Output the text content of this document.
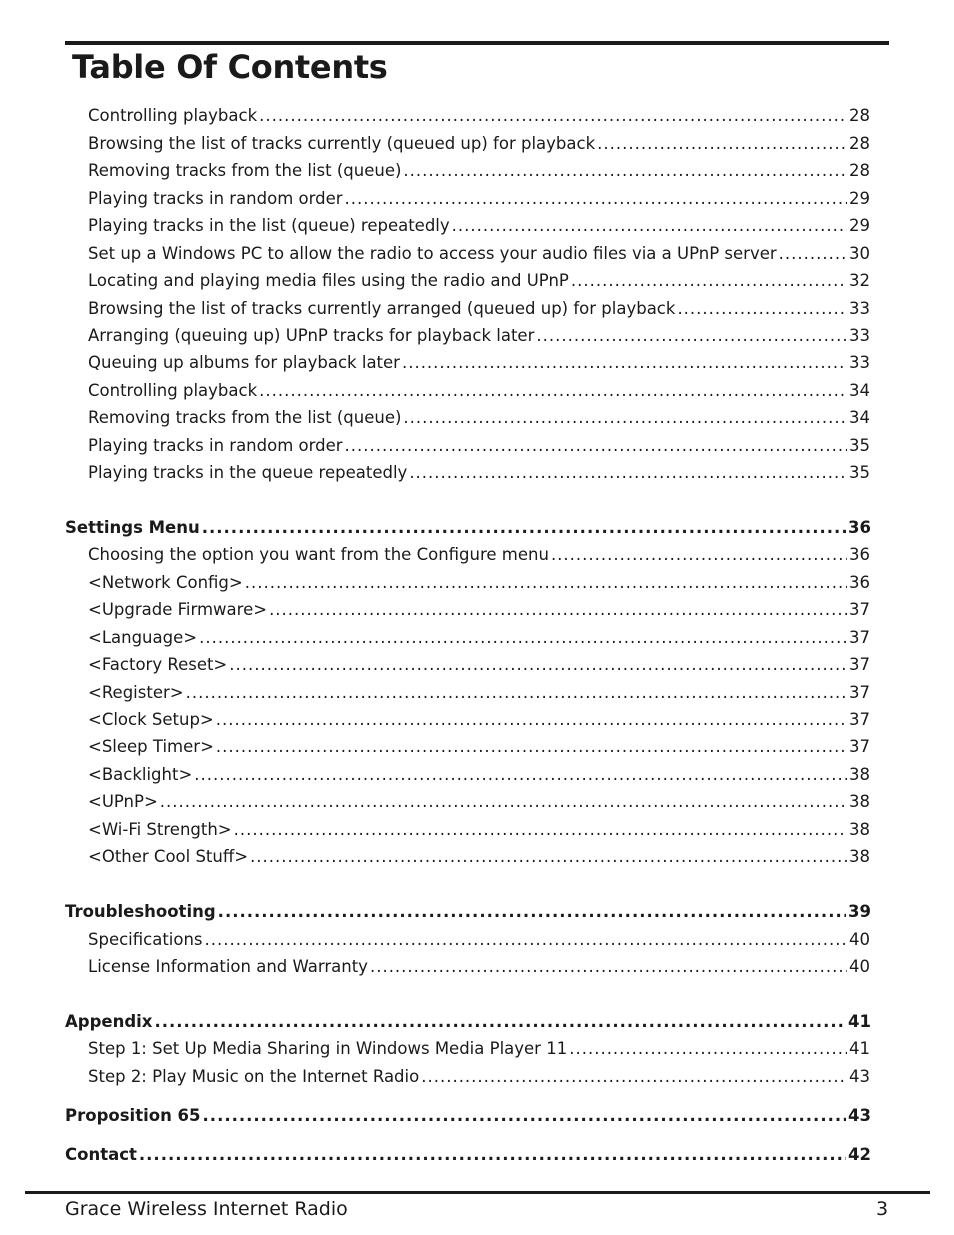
Table Of Contents
Controlling playback .....	28
Browsing the list of tracks currently (queued up) for playback .....	28
Removing tracks from the list (queue) .....	28
Playing tracks in random order .....	29
Playing tracks in the list (queue) repeatedly .....	29
Set up a Windows PC to allow the radio to access your audio files via a UPnP server .....	30
Locating and playing media files using the radio and UPnP .....	32
Browsing the list of tracks currently arranged (queued up) for playback .....	33
Arranging (queuing up) UPnP tracks for playback later .....	33
Queuing up albums for playback later .....	33
Controlling playback .....	34
Removing tracks from the list (queue) .....	34
Playing tracks in random order .....	35
Playing tracks in the queue repeatedly .....	35
Settings Menu .....	36
Choosing the option you want from the Configure menu .....	36
<Network Config> .....	36
<Upgrade Firmware> .....	37
<Language> .....	37
<Factory Reset> .....	37
<Register> .....	37
<Clock Setup> .....	37
<Sleep Timer> .....	37
<Backlight> .....	38
<UPnP> .....	38
<Wi-Fi Strength> .....	38
<Other Cool Stuff> .....	38
Troubleshooting .....	39
Specifications .....	40
License Information and Warranty .....	40
Appendix .....	41
Step 1: Set Up Media Sharing in Windows Media Player 11 .....	41
Step 2: Play Music on the Internet Radio .....	43
Proposition 65 .....	43
Contact .....	42
Grace Wireless Internet Radio	3
